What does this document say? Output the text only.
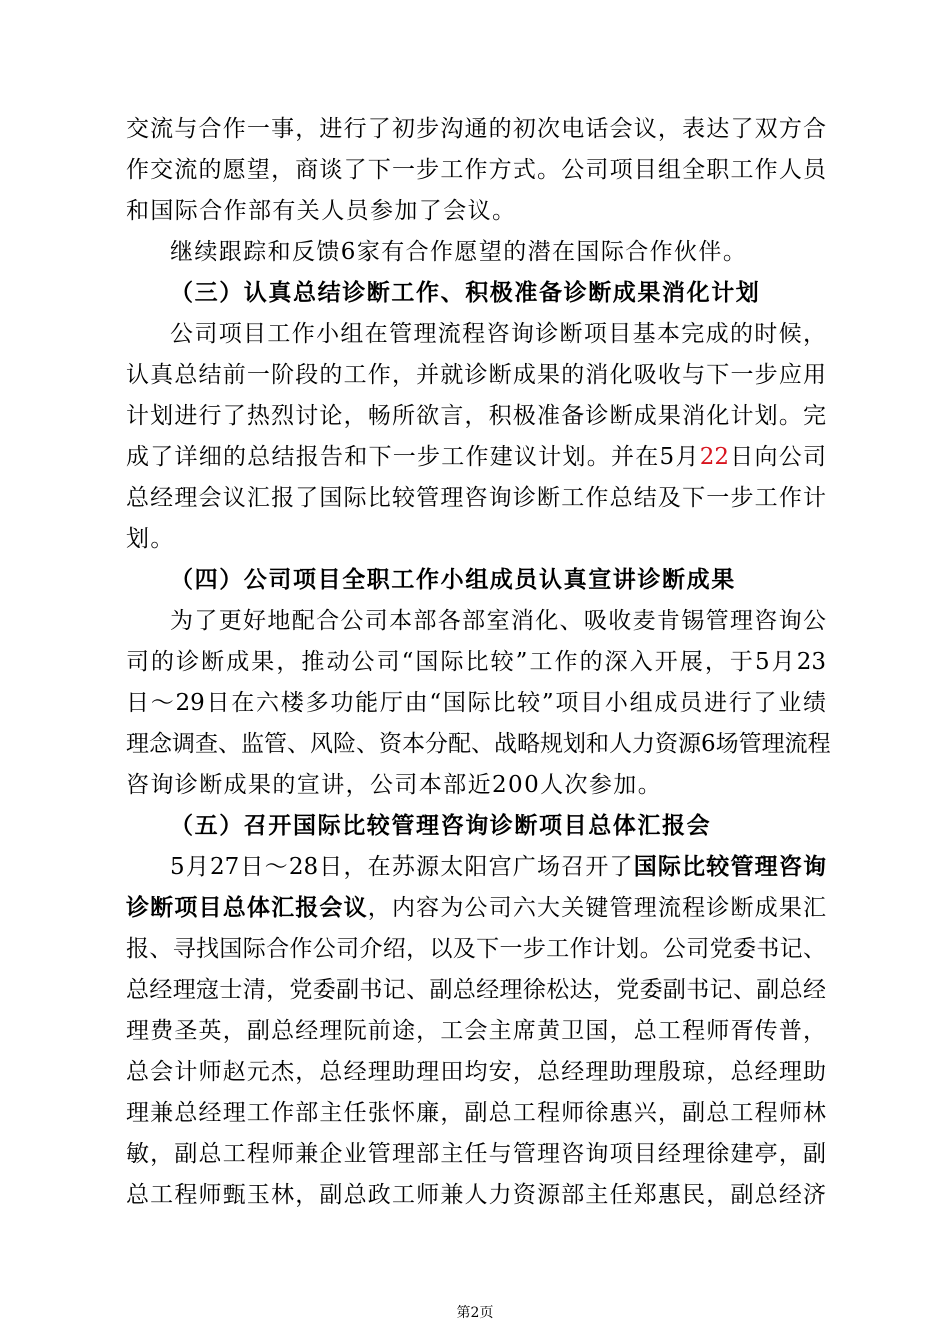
交流与合作一事，进行了初步沟通的初次电话会议，表达了双方合
作交流的愿望，商谈了下一步工作方式。公司项目组全职工作人员
和国际合作部有关人员参加了会议。
继续跟踪和反馈6家有合作愿望的潜在国际合作伙伴。
（三）认真总结诊断工作、积极准备诊断成果消化计划
公司项目工作小组在管理流程咨询诊断项目基本完成的时候，
认真总结前一阶段的工作，并就诊断成果的消化吸收与下一步应用
计划进行了热烈讨论，畅所欲言，积极准备诊断成果消化计划。完
成了详细的总结报告和下一步工作建议计划。并在5月22日向公司
总经理会议汇报了国际比较管理咨询诊断工作总结及下一步工作计
划。
（四）公司项目全职工作小组成员认真宣讲诊断成果
为了更好地配合公司本部各部室消化、吸收麦肯锡管理咨询公
司的诊断成果，推动公司“国际比较”工作的深入开展，于5月23
日～29日在六楼多功能厅由“国际比较”项目小组成员进行了业绩
理念调查、监管、风险、资本分配、战略规划和人力资源6场管理流程
咨询诊断成果的宣讲，公司本部近200人次参加。
（五）召开国际比较管理咨询诊断项目总体汇报会
5月27日～28日，在苏源太阳宫广场召开了国际比较管理咨询
诊断项目总体汇报会议，内容为公司六大关键管理流程诊断成果汇
报、寻找国际合作公司介绍，以及下一步工作计划。公司党委书记、
总经理寇士清，党委副书记、副总经理徐松达，党委副书记、副总经
理费圣英，副总经理阮前途，工会主席黄卫国，总工程师胥传普，
总会计师赵元杰，总经理助理田均安，总经理助理殷琼，总经理助
理兼总经理工作部主任张怀廉，副总工程师徐惠兴，副总工程师林
敏，副总工程师兼企业管理部主任与管理咨询项目经理徐建亭，副
总工程师甄玉林，副总政工师兼人力资源部主任郑惠民，副总经济
第2页
